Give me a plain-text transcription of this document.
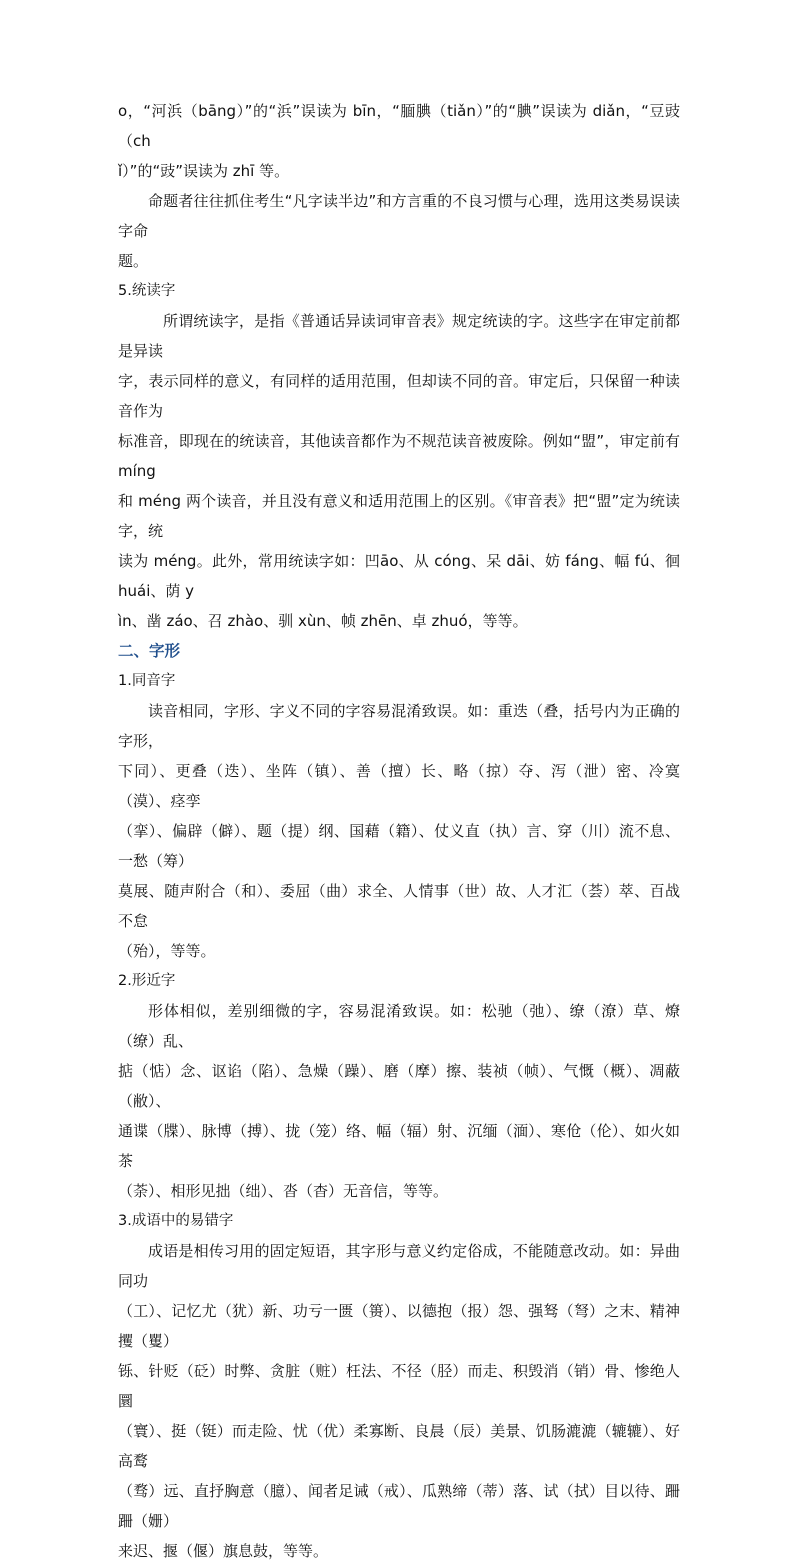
o，“河浜（bāng）”的“浜”误读为 bīn，“腼腆（tiǎn）”的“腆”误读为 diǎn，“豆豉（ch

ǐ）”的“豉”误读为 zhī 等。

命题者往往抓住考生“凡字读半边”和方言重的不良习惯与心理，选用这类易误读字命

题。

5.统读字

所谓统读字，是指《普通话异读词审音表》规定统读的字。这些字在审定前都是异读

字，表示同样的意义，有同样的适用范围，但却读不同的音。审定后，只保留一种读音作为

标准音，即现在的统读音，其他读音都作为不规范读音被废除。例如“盟”，审定前有 míng

和 méng 两个读音，并且没有意义和适用范围上的区别。《审音表》把“盟”定为统读字，统

读为 méng。此外，常用统读字如：凹āo、从 cóng、呆 dāi、妨 fáng、幅 fú、徊 huái、荫 y

ìn、凿 záo、召 zhào、驯 xùn、帧 zhēn、卓 zhuó，等等。

二、字形

1.同音字

读音相同，字形、字义不同的字容易混淆致误。如：重迭（叠，括号内为正确的字形，

下同）、更叠（迭）、坐阵（镇）、善（擅）长、略（掠）夺、泻（泄）密、冷寞（漠）、痉孪

（挛）、偏辟（僻）、题（提）纲、国藉（籍）、仗义直（执）言、穿（川）流不息、一愁（筹）

莫展、随声附合（和）、委屈（曲）求全、人情事（世）故、人才汇（荟）萃、百战不怠

（殆），等等。

2.形近字

形体相似，差别细微的字，容易混淆致误。如：松驰（弛）、缭（潦）草、燎（缭）乱、

掂（惦）念、讴谄（陷）、急燥（躁）、磨（摩）擦、装祯（帧）、气慨（概）、凋蔽（敝）、

通谍（牒）、脉博（搏）、拢（笼）络、幅（辐）射、沉缅（湎）、寒伧（伦）、如火如茶

（荼）、相形见拙（绌）、沓（杳）无音信，等等。

3.成语中的易错字

成语是相传习用的固定短语，其字形与意义约定俗成，不能随意改动。如：异曲同功

（工）、记忆尤（犹）新、功亏一匮（篑）、以德抱（报）怨、强驽（弩）之末、精神攫（矍）

铄、针贬（砭）时弊、贪脏（赃）枉法、不径（胫）而走、积毁消（销）骨、惨绝人圜

（寰）、挺（铤）而走险、忧（优）柔寡断、良晨（辰）美景、饥肠漉漉（辘辘）、好高鹜

（骛）远、直抒胸意（臆）、闻者足诫（戒）、瓜熟缔（蒂）落、试（拭）目以待、跚跚（姗）

来迟、揠（偃）旗息鼓，等等。
